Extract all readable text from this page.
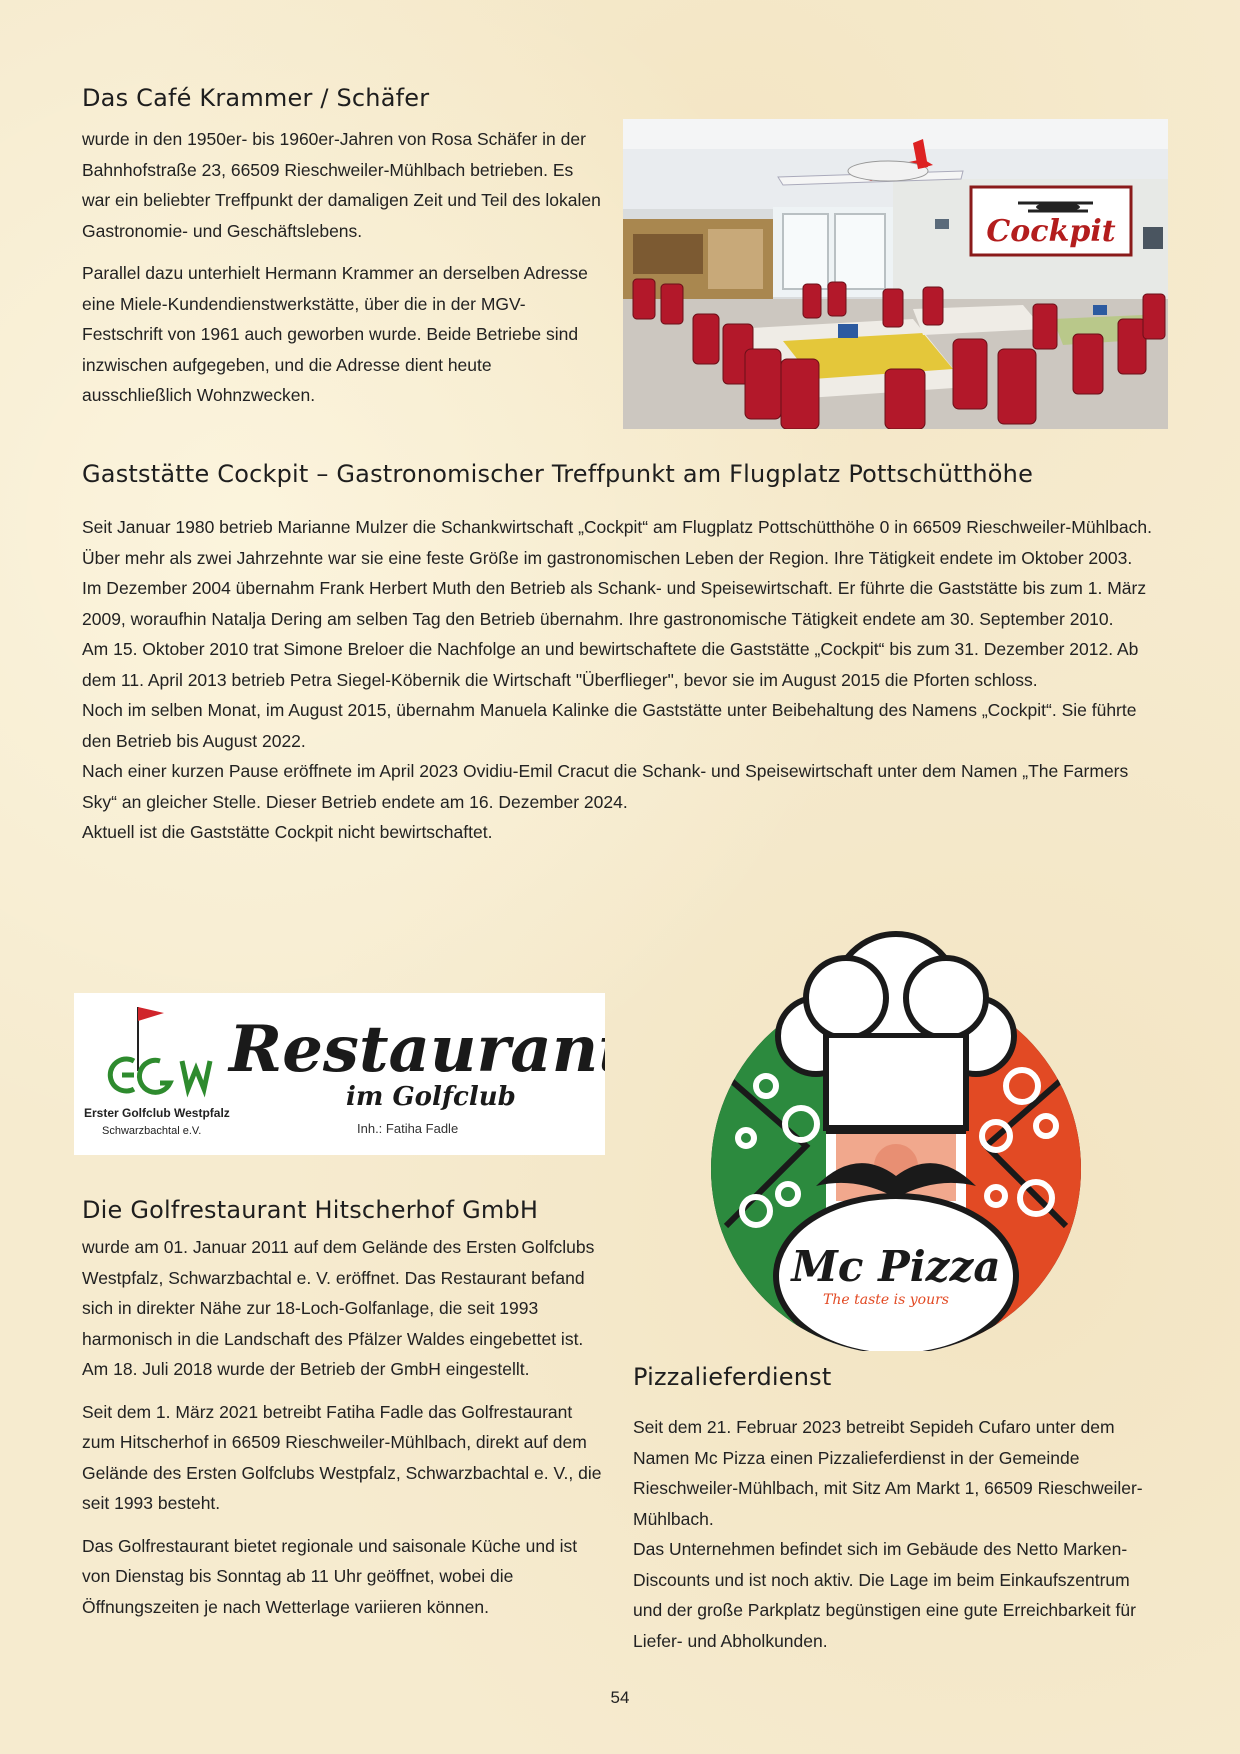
Das Café Krammer / Schäfer

wurde in den 1950er- bis 1960er-Jahren von Rosa Schäfer in der Bahnhofstraße 23, 66509 Rieschweiler-Mühlbach betrieben. Es war ein beliebter Treffpunkt der damaligen Zeit und Teil des lokalen Gastronomie- und Geschäftslebens.

Parallel dazu unterhielt Hermann Krammer an derselben Adresse eine Miele-Kundendienstwerkstätte, über die in der MGV-Festschrift von 1961 auch geworben wurde. Beide Betriebe sind inzwischen aufgegeben, und die Adresse dient heute ausschließlich Wohnzwecken.

Cockpit
Gaststätte Cockpit – Gastronomischer Treffpunkt am Flugplatz Pottschütthöhe

Seit Januar 1980 betrieb Marianne Mulzer die Schankwirtschaft „Cockpit“ am Flugplatz Pottschütthöhe 0 in 66509 Rieschweiler-Mühlbach. Über mehr als zwei Jahrzehnte war sie eine feste Größe im gastronomischen Leben der Region. Ihre Tätigkeit endete im Oktober 2003.

Im Dezember 2004 übernahm Frank Herbert Muth den Betrieb als Schank- und Speisewirtschaft. Er führte die Gaststätte bis zum 1. März 2009, woraufhin Natalja Dering am selben Tag den Betrieb übernahm. Ihre gastronomische Tätigkeit endete am 30. September 2010.

Am 15. Oktober 2010 trat Simone Breloer die Nachfolge an und bewirtschaftete die Gaststätte „Cockpit“ bis zum 31. Dezember 2012. Ab dem 11. April 2013 betrieb Petra Siegel-Köbernik die Wirtschaft "Überflieger", bevor sie im August 2015 die Pforten schloss.

Noch im selben Monat, im August 2015, übernahm Manuela Kalinke die Gaststätte unter Beibehaltung des Namens „Cockpit“. Sie führte den Betrieb bis August 2022.

Nach einer kurzen Pause eröffnete im April 2023 Ovidiu-Emil Cracut die Schank- und Speisewirtschaft unter dem Namen „The Farmers Sky“ an gleicher Stelle. Dieser Betrieb endete am 16. Dezember 2024.

Aktuell ist die Gaststätte Cockpit nicht bewirtschaftet.

Erster Golfclub Westpfalz
Schwarzbachtal e.V.
Restaurant
im Golfclub
Inh.: Fatiha Fadle
Mc Pizza
The taste is yours
Die Golfrestaurant Hitscherhof GmbH

wurde am 01. Januar 2011 auf dem Gelände des Ersten Golfclubs Westpfalz, Schwarzbachtal e. V. eröffnet. Das Restaurant befand sich in direkter Nähe zur 18-Loch-Golfanlage, die seit 1993 harmonisch in die Landschaft des Pfälzer Waldes eingebettet ist. Am 18. Juli 2018 wurde der Betrieb der GmbH eingestellt.

Seit dem 1. März 2021 betreibt Fatiha Fadle das Golfrestaurant zum Hitscherhof in 66509 Rieschweiler-Mühlbach, direkt auf dem Gelände des Ersten Golfclubs Westpfalz, Schwarzbachtal e. V., die seit 1993 besteht.

Das Golfrestaurant bietet regionale und saisonale Küche und ist von Dienstag bis Sonntag ab 11 Uhr geöffnet, wobei die Öffnungszeiten je nach Wetterlage variieren können.

Pizzalieferdienst

Seit dem 21. Februar 2023 betreibt Sepideh Cufaro unter dem Namen Mc Pizza einen Pizzalieferdienst in der Gemeinde Rieschweiler-Mühlbach, mit Sitz Am Markt 1, 66509 Rieschweiler-Mühlbach.

Das Unternehmen befindet sich im Gebäude des Netto Marken-Discounts und ist noch aktiv. Die Lage im beim Einkaufszentrum und der große Parkplatz begünstigen eine gute Erreichbarkeit für Liefer- und Abholkunden.

54
